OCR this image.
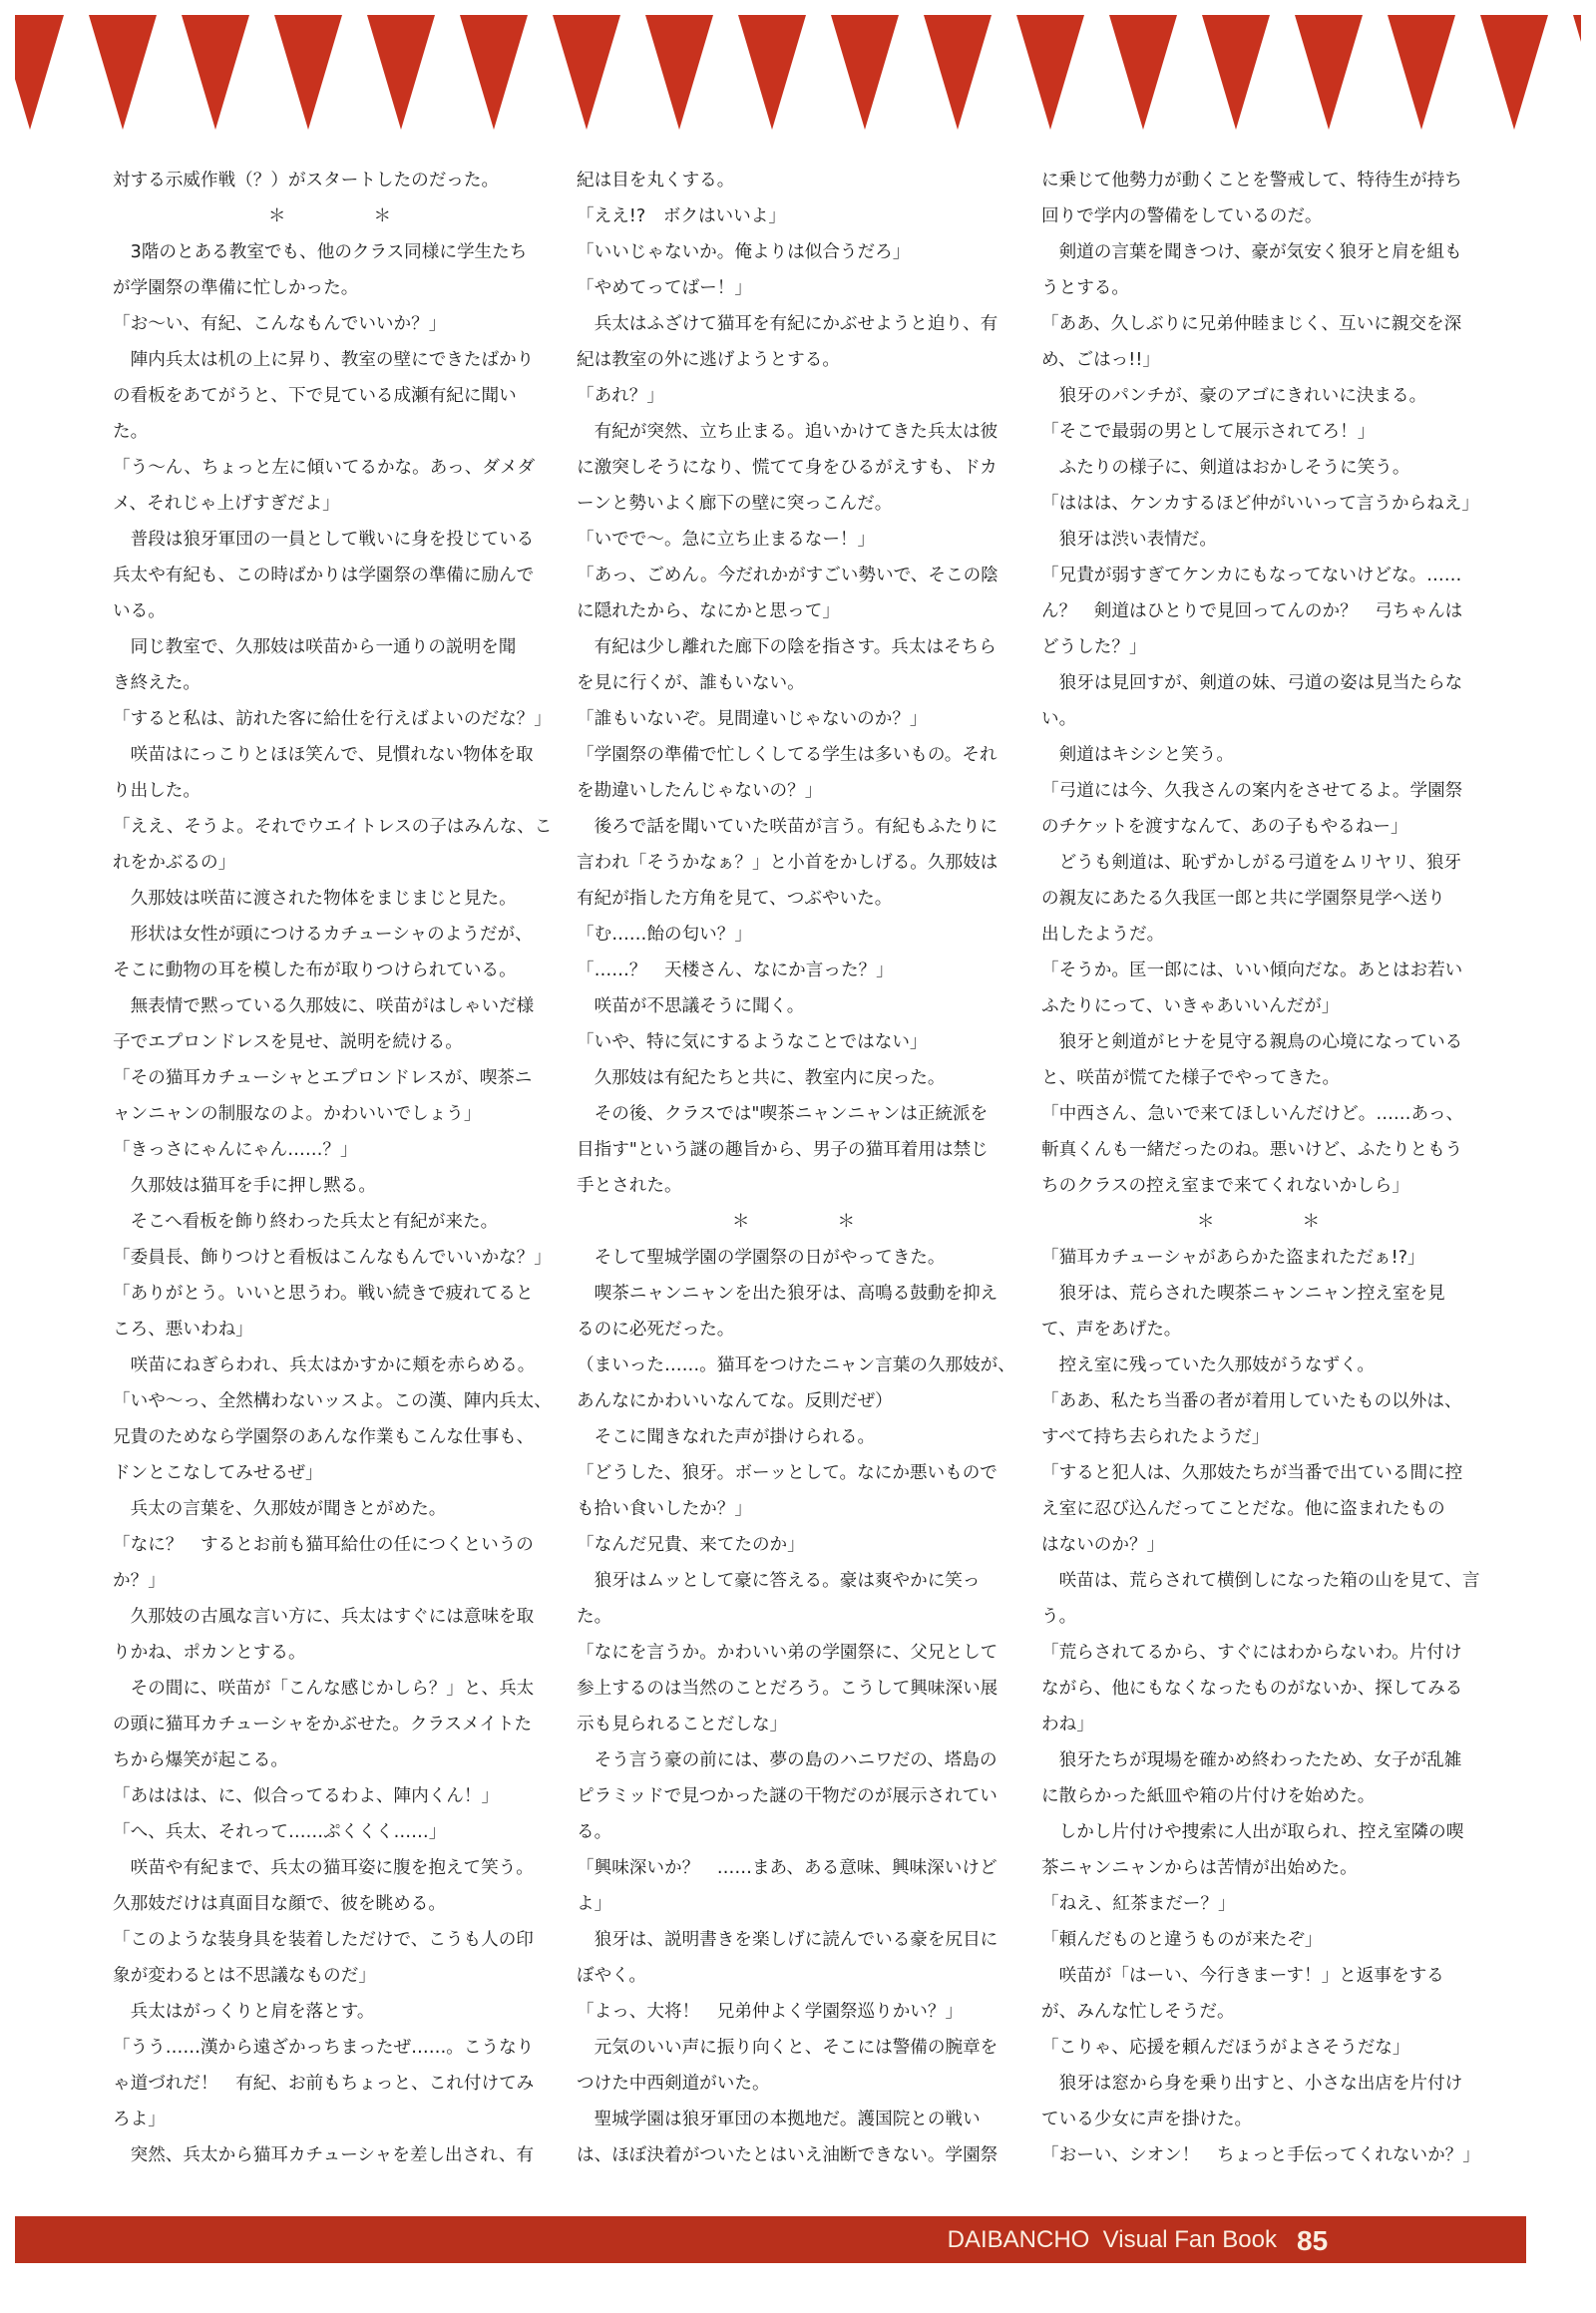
対する示威作戦（？）がスタートしたのだった。
＊　　　　　＊
　3階のとある教室でも、他のクラス同様に学生たち
が学園祭の準備に忙しかった。
「お〜い、有紀、こんなもんでいいか？」
　陣内兵太は机の上に昇り、教室の壁にできたばかり
の看板をあてがうと、下で見ている成瀬有紀に聞い
た。
「う〜ん、ちょっと左に傾いてるかな。あっ、ダメダ
メ、それじゃ上げすぎだよ」
　普段は狼牙軍団の一員として戦いに身を投じている
兵太や有紀も、この時ばかりは学園祭の準備に励んで
いる。
　同じ教室で、久那妓は咲苗から一通りの説明を聞
き終えた。
「すると私は、訪れた客に給仕を行えばよいのだな？」
　咲苗はにっこりとほほ笑んで、見慣れない物体を取
り出した。
「ええ、そうよ。それでウエイトレスの子はみんな、こ
れをかぶるの」
　久那妓は咲苗に渡された物体をまじまじと見た。
　形状は女性が頭につけるカチューシャのようだが、
そこに動物の耳を模した布が取りつけられている。
　無表情で黙っている久那妓に、咲苗がはしゃいだ様
子でエプロンドレスを見せ、説明を続ける。
「その猫耳カチューシャとエプロンドレスが、喫茶ニ
ャンニャンの制服なのよ。かわいいでしょう」
「きっさにゃんにゃん……？」
　久那妓は猫耳を手に押し黙る。
　そこへ看板を飾り終わった兵太と有紀が来た。
「委員長、飾りつけと看板はこんなもんでいいかな？」
「ありがとう。いいと思うわ。戦い続きで疲れてると
ころ、悪いわね」
　咲苗にねぎらわれ、兵太はかすかに頬を赤らめる。
「いや〜っ、全然構わないッスよ。この漢、陣内兵太、
兄貴のためなら学園祭のあんな作業もこんな仕事も、
ドンとこなしてみせるぜ」
　兵太の言葉を、久那妓が聞きとがめた。
「なに？　するとお前も猫耳給仕の任につくというの
か？」
　久那妓の古風な言い方に、兵太はすぐには意味を取
りかね、ポカンとする。
　その間に、咲苗が「こんな感じかしら？」と、兵太
の頭に猫耳カチューシャをかぶせた。クラスメイトた
ちから爆笑が起こる。
「あははは、に、似合ってるわよ、陣内くん！」
「へ、兵太、それって……ぷくくく……」
　咲苗や有紀まで、兵太の猫耳姿に腹を抱えて笑う。
久那妓だけは真面目な顔で、彼を眺める。
「このような装身具を装着しただけで、こうも人の印
象が変わるとは不思議なものだ」
　兵太はがっくりと肩を落とす。
「うう……漢から遠ざかっちまったぜ……。こうなり
ゃ道づれだ！　有紀、お前もちょっと、これ付けてみ
ろよ」
　突然、兵太から猫耳カチューシャを差し出され、有
紀は目を丸くする。
「ええ!?　ボクはいいよ」
「いいじゃないか。俺よりは似合うだろ」
「やめてってばー！」
　兵太はふざけて猫耳を有紀にかぶせようと迫り、有
紀は教室の外に逃げようとする。
「あれ？」
　有紀が突然、立ち止まる。追いかけてきた兵太は彼
に激突しそうになり、慌てて身をひるがえすも、ドカ
ーンと勢いよく廊下の壁に突っこんだ。
「いでで〜。急に立ち止まるなー！」
「あっ、ごめん。今だれかがすごい勢いで、そこの陰
に隠れたから、なにかと思って」
　有紀は少し離れた廊下の陰を指さす。兵太はそちら
を見に行くが、誰もいない。
「誰もいないぞ。見間違いじゃないのか？」
「学園祭の準備で忙しくしてる学生は多いもの。それ
を勘違いしたんじゃないの？」
　後ろで話を聞いていた咲苗が言う。有紀もふたりに
言われ「そうかなぁ？」と小首をかしげる。久那妓は
有紀が指した方角を見て、つぶやいた。
「む……飴の匂い？」
「……？　天楼さん、なにか言った？」
　咲苗が不思議そうに聞く。
「いや、特に気にするようなことではない」
　久那妓は有紀たちと共に、教室内に戻った。
　その後、クラスでは"喫茶ニャンニャンは正統派を
目指す"という謎の趣旨から、男子の猫耳着用は禁じ
手とされた。
＊　　　　　＊
　そして聖城学園の学園祭の日がやってきた。
　喫茶ニャンニャンを出た狼牙は、高鳴る鼓動を抑え
るのに必死だった。
（まいった……。猫耳をつけたニャン言葉の久那妓が、
あんなにかわいいなんてな。反則だぜ）
　そこに聞きなれた声が掛けられる。
「どうした、狼牙。ボーッとして。なにか悪いもので
も拾い食いしたか？」
「なんだ兄貴、来てたのか」
　狼牙はムッとして豪に答える。豪は爽やかに笑っ
た。
「なにを言うか。かわいい弟の学園祭に、父兄として
参上するのは当然のことだろう。こうして興味深い展
示も見られることだしな」
　そう言う豪の前には、夢の島のハニワだの、塔島の
ピラミッドで見つかった謎の干物だのが展示されてい
る。
「興味深いか？　……まあ、ある意味、興味深いけど
よ」
　狼牙は、説明書きを楽しげに読んでいる豪を尻目に
ぼやく。
「よっ、大将！　兄弟仲よく学園祭巡りかい？」
　元気のいい声に振り向くと、そこには警備の腕章を
つけた中西剣道がいた。
　聖城学園は狼牙軍団の本拠地だ。護国院との戦い
は、ほぼ決着がついたとはいえ油断できない。学園祭
に乗じて他勢力が動くことを警戒して、特待生が持ち
回りで学内の警備をしているのだ。
　剣道の言葉を聞きつけ、豪が気安く狼牙と肩を組も
うとする。
「ああ、久しぶりに兄弟仲睦まじく、互いに親交を深
め、ごはっ!!」
　狼牙のパンチが、豪のアゴにきれいに決まる。
「そこで最弱の男として展示されてろ！」
　ふたりの様子に、剣道はおかしそうに笑う。
「ははは、ケンカするほど仲がいいって言うからねえ」
　狼牙は渋い表情だ。
「兄貴が弱すぎてケンカにもなってないけどな。……
ん？　剣道はひとりで見回ってんのか？　弓ちゃんは
どうした？」
　狼牙は見回すが、剣道の妹、弓道の姿は見当たらな
い。
　剣道はキシシと笑う。
「弓道には今、久我さんの案内をさせてるよ。学園祭
のチケットを渡すなんて、あの子もやるねー」
　どうも剣道は、恥ずかしがる弓道をムリヤリ、狼牙
の親友にあたる久我匡一郎と共に学園祭見学へ送り
出したようだ。
「そうか。匡一郎には、いい傾向だな。あとはお若い
ふたりにって、いきゃあいいんだが」
　狼牙と剣道がヒナを見守る親鳥の心境になっている
と、咲苗が慌てた様子でやってきた。
「中西さん、急いで来てほしいんだけど。……あっ、
斬真くんも一緒だったのね。悪いけど、ふたりともう
ちのクラスの控え室まで来てくれないかしら」
＊　　　　　＊
「猫耳カチューシャがあらかた盗まれただぁ!?」
　狼牙は、荒らされた喫茶ニャンニャン控え室を見
て、声をあげた。
　控え室に残っていた久那妓がうなずく。
「ああ、私たち当番の者が着用していたもの以外は、
すべて持ち去られたようだ」
「すると犯人は、久那妓たちが当番で出ている間に控
え室に忍び込んだってことだな。他に盗まれたもの
はないのか？」
　咲苗は、荒らされて横倒しになった箱の山を見て、言
う。
「荒らされてるから、すぐにはわからないわ。片付け
ながら、他にもなくなったものがないか、探してみる
わね」
　狼牙たちが現場を確かめ終わったため、女子が乱雑
に散らかった紙皿や箱の片付けを始めた。
　しかし片付けや捜索に人出が取られ、控え室隣の喫
茶ニャンニャンからは苦情が出始めた。
「ねえ、紅茶まだー？」
「頼んだものと違うものが来たぞ」
　咲苗が「はーい、今行きまーす！」と返事をする
が、みんな忙しそうだ。
「こりゃ、応援を頼んだほうがよさそうだな」
　狼牙は窓から身を乗り出すと、小さな出店を片付け
ている少女に声を掛けた。
「おーい、シオン！　ちょっと手伝ってくれないか？」
DAIBANCHO  Visual Fan Book 85
